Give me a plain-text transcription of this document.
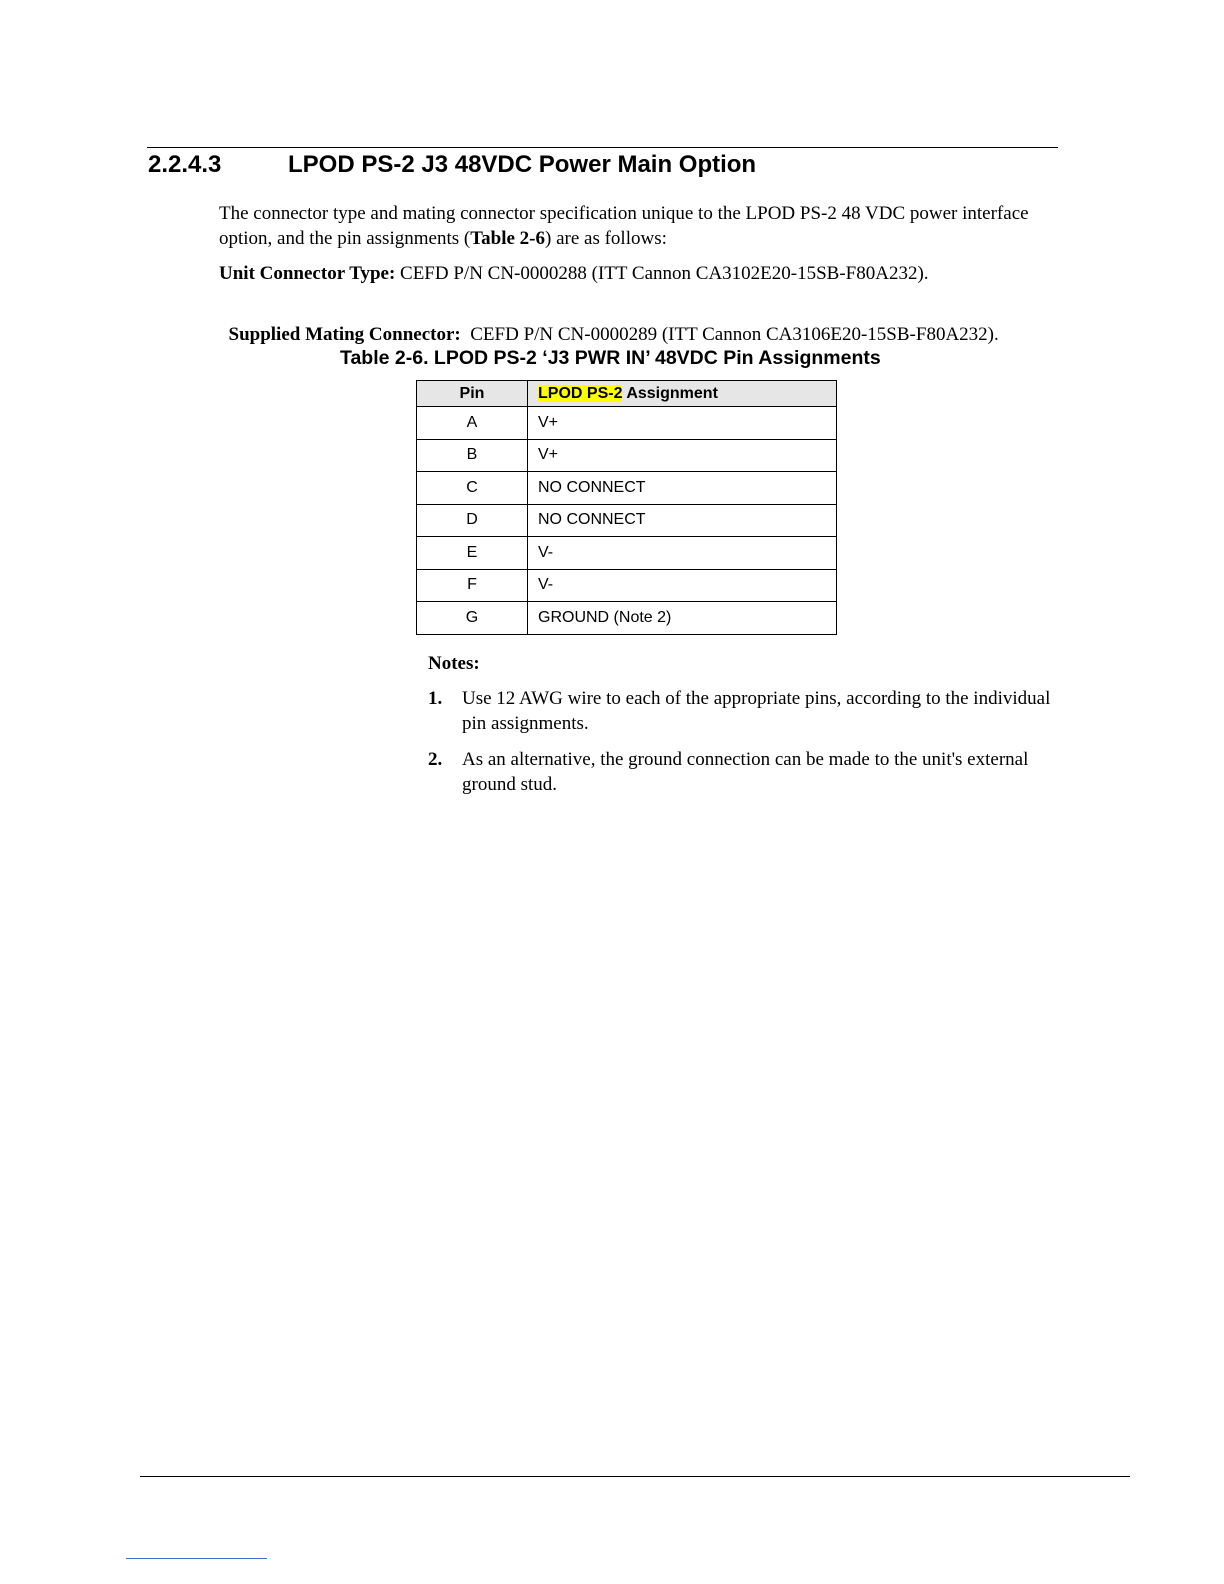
2.2.4.3	LPOD PS-2 J3 48VDC Power Main Option
The connector type and mating connector specification unique to the LPOD PS-2 48 VDC power interface option, and the pin assignments (Table 2-6) are as follows:
Unit Connector Type: CEFD P/N CN-0000288 (ITT Cannon CA3102E20-15SB-F80A232).

Supplied Mating Connector:  CEFD P/N CN-0000289 (ITT Cannon CA3106E20-15SB-F80A232).

Table 2-6. LPOD PS-2 ‘J3 PWR IN’ 48VDC Pin Assignments
Pin	LPOD PS-2 Assignment
A	V+
B	V+
C	NO CONNECT
D	NO CONNECT
E	V-
F	V-
G	GROUND (Note 2)
Notes:
1. Use 12 AWG wire to each of the appropriate pins, according to the individual pin assignments.
2. As an alternative, the ground connection can be made to the unit's external ground stud.
